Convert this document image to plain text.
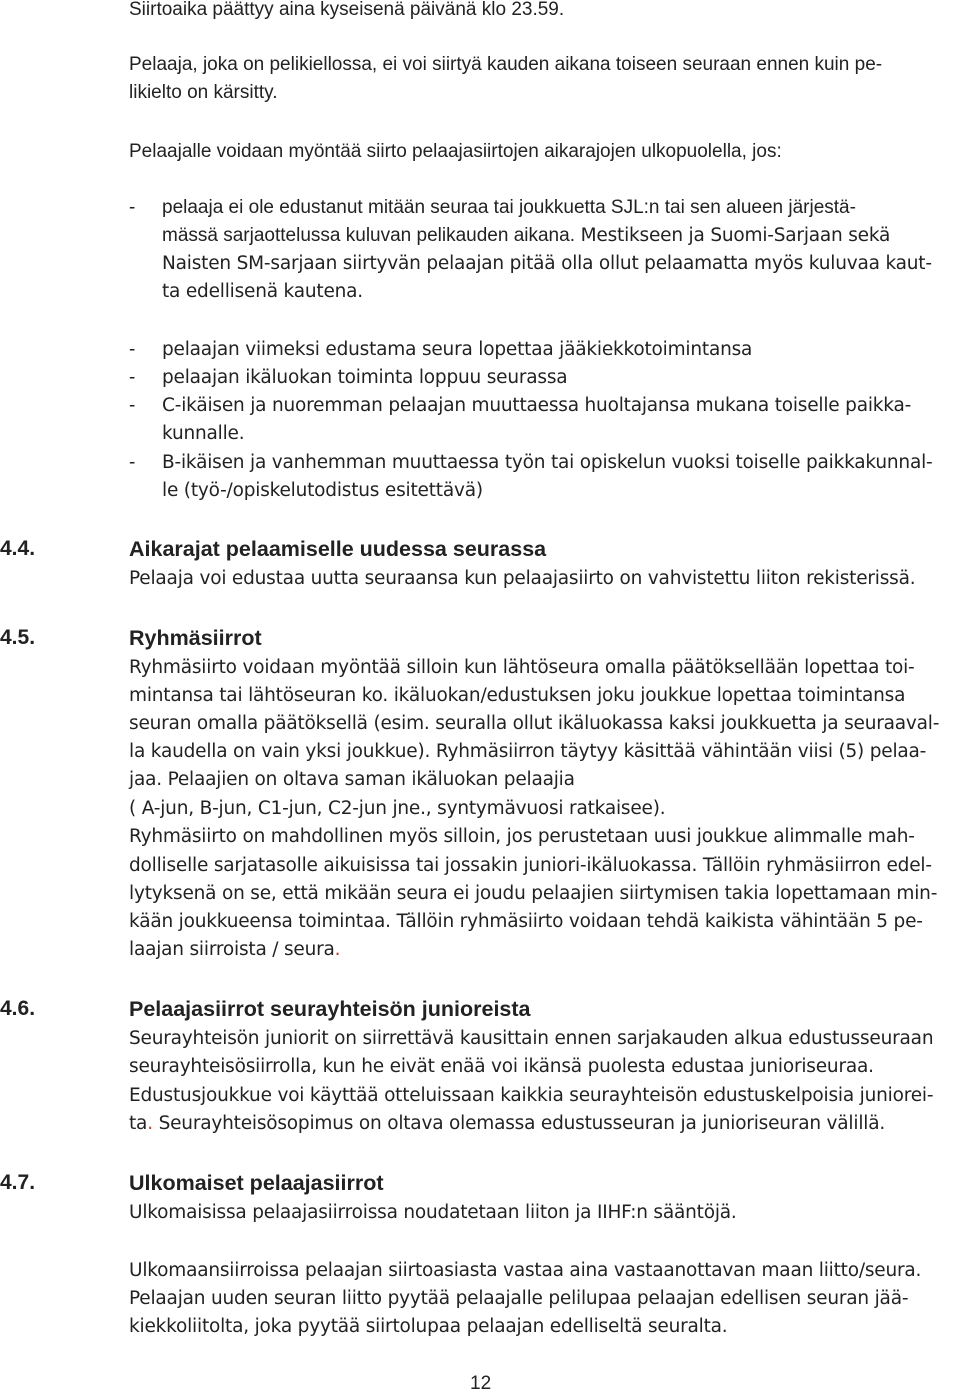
Siirtoaika päättyy aina kyseisenä päivänä klo 23.59.
Pelaaja, joka on pelikiellossa, ei voi siirtyä kauden aikana toiseen seuraan ennen kuin pe-
likielto on kärsitty.
Pelaajalle voidaan myöntää siirto pelaajasiirtojen aikarajojen ulkopuolella, jos:
- pelaaja ei ole edustanut mitään seuraa tai joukkuetta SJL:n tai sen alueen järjestä-
mässä sarjaottelussa kuluvan pelikauden aikana. Mestikseen ja Suomi-Sarjaan sekä
Naisten SM-sarjaan siirtyvän pelaajan pitää olla ollut pelaamatta myös kuluvaa kaut-
ta edellisenä kautena.
- pelaajan viimeksi edustama seura lopettaa jääkiekkotoimintansa
- pelaajan ikäluokan toiminta loppuu seurassa
- C-ikäisen ja nuoremman pelaajan muuttaessa huoltajansa mukana toiselle paikka-
kunnalle.
- B-ikäisen ja vanhemman muuttaessa työn tai opiskelun vuoksi toiselle paikkakunnal-
le (työ-/opiskelutodistus esitettävä)
4.4.	Aikarajat pelaamiselle uudessa seurassa
Pelaaja voi edustaa uutta seuraansa kun pelaajasiirto on vahvistettu liiton rekisterissä.
4.5.	Ryhmäsiirrot
Ryhmäsiirto voidaan myöntää silloin kun lähtöseura omalla päätöksellään lopettaa toi-
mintansa tai lähtöseuran ko. ikäluokan/edustuksen joku joukkue lopettaa toimintansa
seuran omalla päätöksellä (esim. seuralla ollut ikäluokassa kaksi joukkuetta ja seuraaval-
la kaudella on vain yksi joukkue). Ryhmäsiirron täytyy käsittää vähintään viisi (5) pelaa-
jaa. Pelaajien on oltava saman ikäluokan pelaajia
( A-jun, B-jun, C1-jun, C2-jun jne., syntymävuosi ratkaisee).
Ryhmäsiirto on mahdollinen myös silloin, jos perustetaan uusi joukkue alimmalle mah-
dolliselle sarjatasolle aikuisissa tai jossakin juniori-ikäluokassa. Tällöin ryhmäsiirron edel-
lytyksenä on se, että mikään seura ei joudu pelaajien siirtymisen takia lopettamaan min-
kään joukkueensa toimintaa. Tällöin ryhmäsiirto voidaan tehdä kaikista vähintään 5 pe-
laajan siirroista / seura.
4.6.	Pelaajasiirrot seurayhteisön junioreista
Seurayhteisön juniorit on siirrettävä kausittain ennen sarjakauden alkua edustusseuraan
seurayhteisösiirrolla, kun he eivät enää voi ikänsä puolesta edustaa junioriseuraa.
Edustusjoukkue voi käyttää otteluissaan kaikkia seurayhteisön edustuskelpoisia juniorei-
ta. Seurayhteisösopimus on oltava olemassa edustusseuran ja junioriseuran välillä.
4.7.	Ulkomaiset pelaajasiirrot
Ulkomaisissa pelaajasiirroissa noudatetaan liiton ja IIHF:n sääntöjä.
Ulkomaansiirroissa pelaajan siirtoasiasta vastaa aina vastaanottavan maan liitto/seura.
Pelaajan uuden seuran liitto pyytää pelaajalle pelilupaa pelaajan edellisen seuran jää-
kiekkoliitolta, joka pyytää siirtolupaa pelaajan edelliseltä seuralta.
12
